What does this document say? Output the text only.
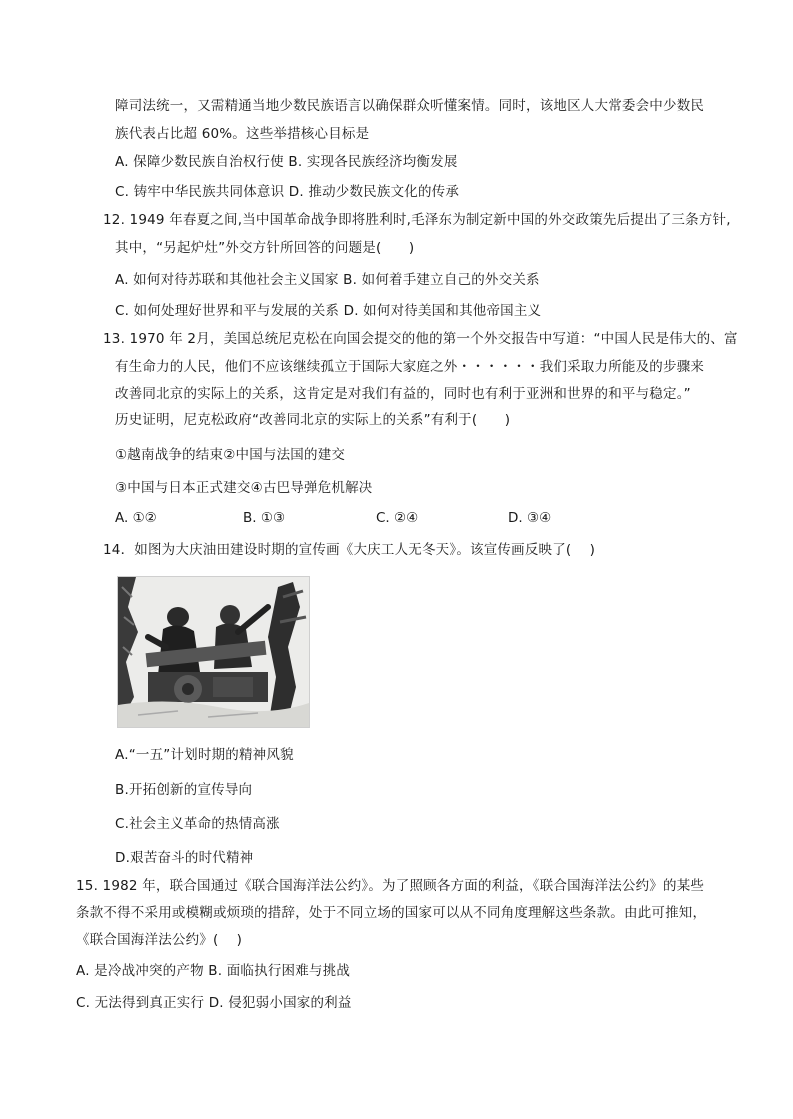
障司法统一，又需精通当地少数民族语言以确保群众听懂案情。同时，该地区人大常委会中少数民
族代表占比超 60%。这些举措核心目标是
A. 保障少数民族自治权行使 B. 实现各民族经济均衡发展
C. 铸牢中华民族共同体意识 D. 推动少数民族文化的传承
12. 1949 年春夏之间,当中国革命战争即将胜利时,毛泽东为制定新中国的外交政策先后提出了三条方针,
其中，“另起炉灶”外交方针所回答的问题是(　　)
A. 如何对待苏联和其他社会主义国家 B. 如何着手建立自己的外交关系
C. 如何处理好世界和平与发展的关系 D. 如何对待美国和其他帝国主义
13. 1970 年 2月，美国总统尼克松在向国会提交的他的第一个外交报告中写道：“中国人民是伟大的、富
有生命力的人民，他们不应该继续孤立于国际大家庭之外・・・・・・我们采取力所能及的步骤来
改善同北京的实际上的关系，这肯定是对我们有益的，同时也有利于亚洲和世界的和平与稳定。”
历史证明，尼克松政府“改善同北京的实际上的关系”有利于(　　)
①越南战争的结束②中国与法国的建交
③中国与日本正式建交④古巴导弹危机解决
A. ①②	B. ①③	C. ②④	D. ③④
14．如图为大庆油田建设时期的宣传画《大庆工人无冬天》。该宣传画反映了(　 )
A.“一五”计划时期的精神风貌
B.开拓创新的宣传导向
C.社会主义革命的热情高涨
D.艰苦奋斗的时代精神
15. 1982 年，联合国通过《联合国海洋法公约》。为了照顾各方面的利益，《联合国海洋法公约》的某些
条款不得不采用或模糊或烦琐的措辞，处于不同立场的国家可以从不同角度理解这些条款。由此可推知，
《联合国海洋法公约》(　 )
A. 是冷战冲突的产物 B. 面临执行困难与挑战
C. 无法得到真正实行 D. 侵犯弱小国家的利益
